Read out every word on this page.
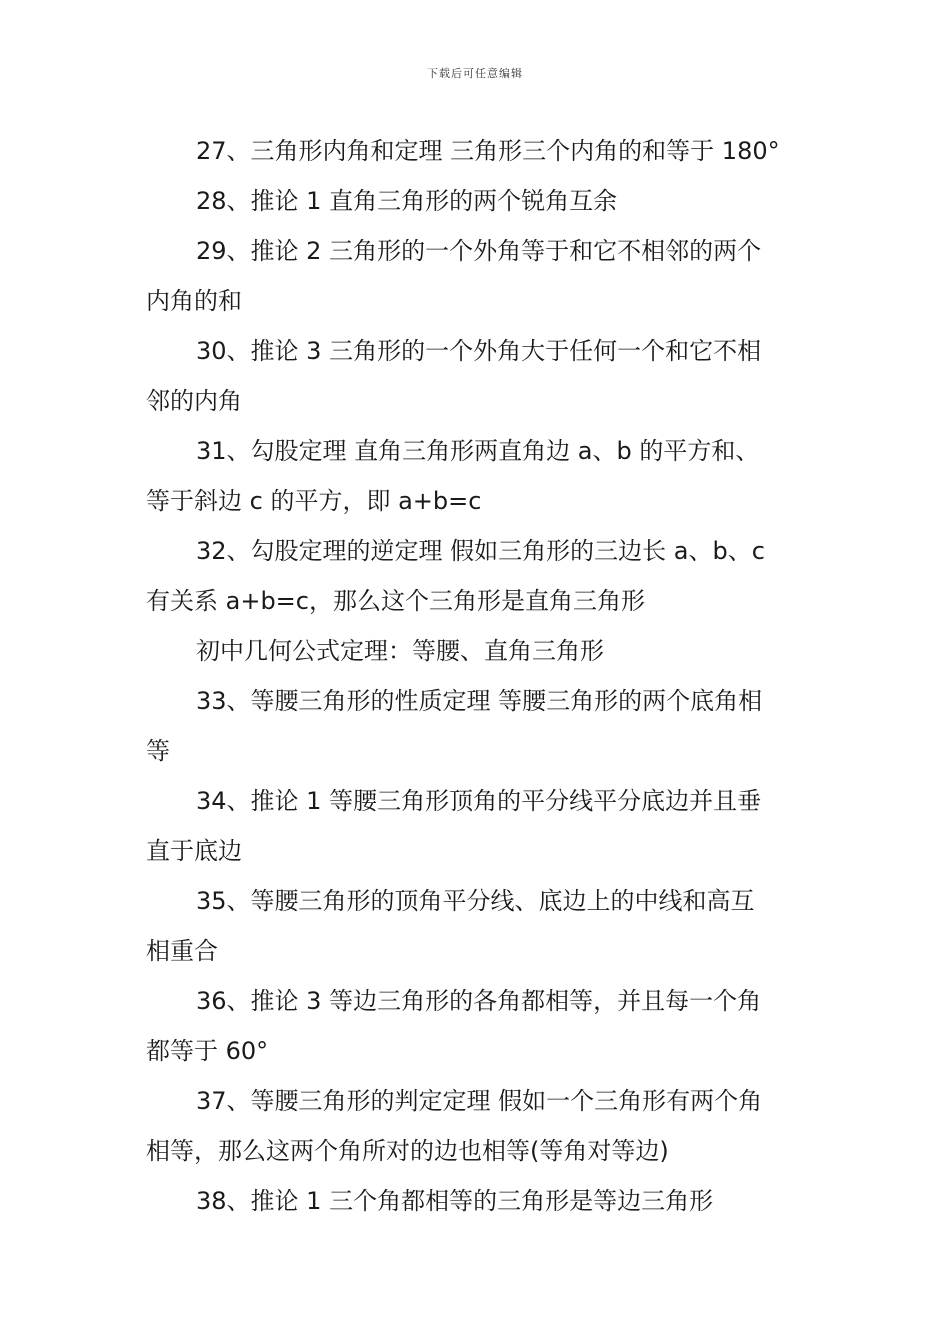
下载后可任意编辑
27、三角形内角和定理 三角形三个内角的和等于 180°
28、推论 1 直角三角形的两个锐角互余
29、推论 2 三角形的一个外角等于和它不相邻的两个
内角的和
30、推论 3 三角形的一个外角大于任何一个和它不相
邻的内角
31、勾股定理 直角三角形两直角边 a、b 的平方和、
等于斜边 c 的平方，即 a+b=c
32、勾股定理的逆定理 假如三角形的三边长 a、b、c
有关系 a+b=c，那么这个三角形是直角三角形
初中几何公式定理：等腰、直角三角形
33、等腰三角形的性质定理 等腰三角形的两个底角相
等
34、推论 1 等腰三角形顶角的平分线平分底边并且垂
直于底边
35、等腰三角形的顶角平分线、底边上的中线和高互
相重合
36、推论 3 等边三角形的各角都相等，并且每一个角
都等于 60°
37、等腰三角形的判定定理 假如一个三角形有两个角
相等，那么这两个角所对的边也相等(等角对等边)
38、推论 1 三个角都相等的三角形是等边三角形
